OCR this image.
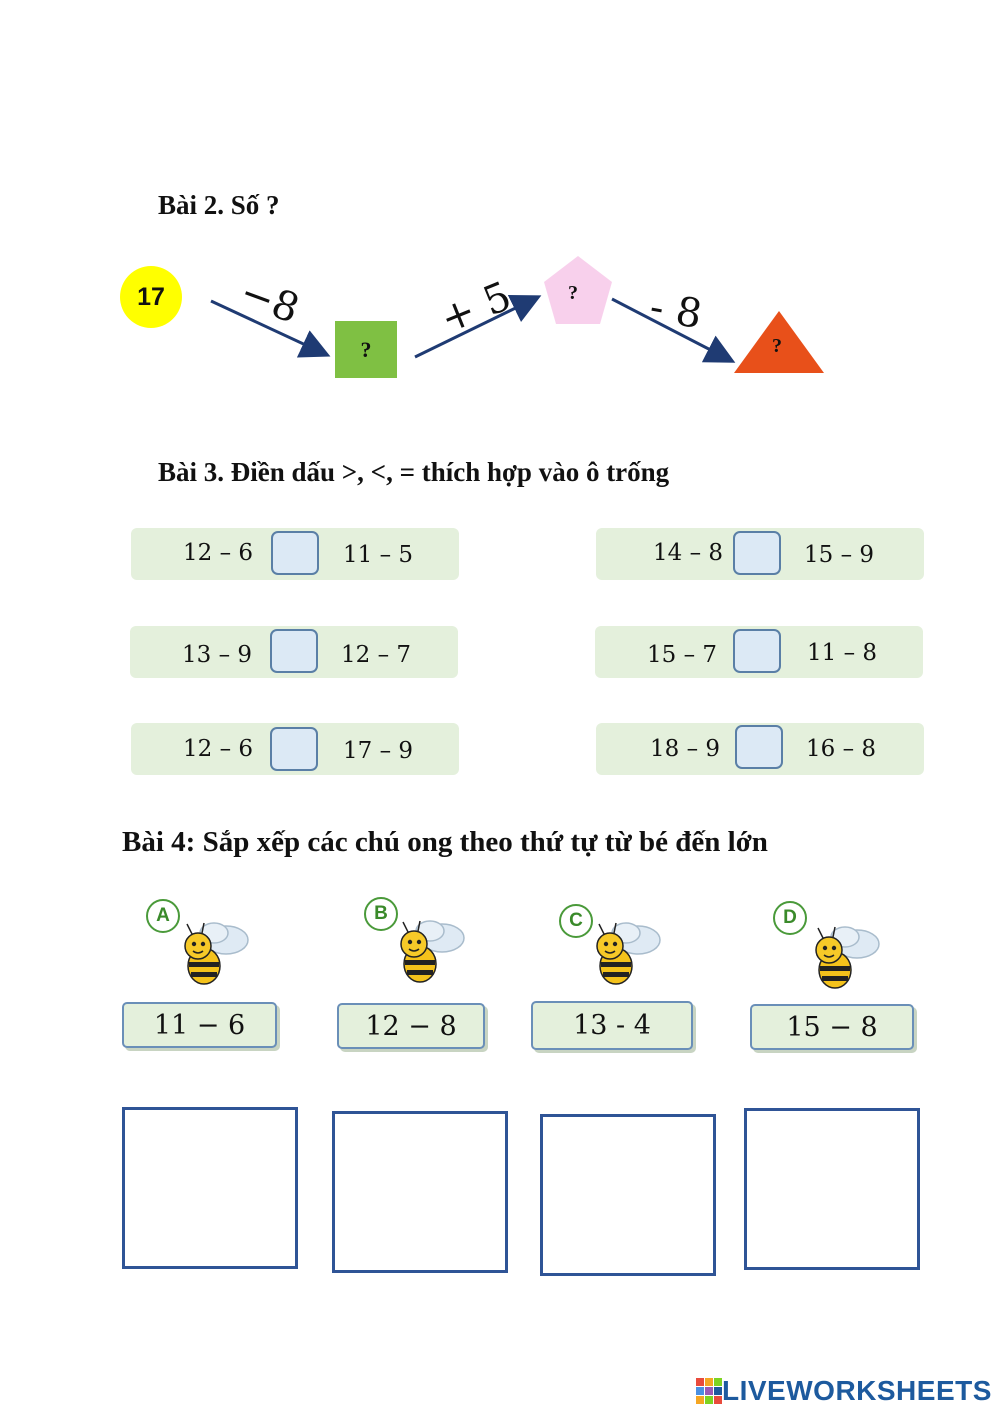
Bài 2. Số ?
17
?
?
?
−8	+ 5	- 8
Bài 3. Điền dấu >, <, = thích hợp vào ô trống
12 – 6	11 – 5	14 – 8	15 – 9
13 – 9	12 – 7	15 – 7	11 – 8
12 – 6	17 – 9	18 – 9	16 – 8
Bài 4: Sắp xếp các chú ong theo thứ tự từ bé đến lớn
A
11 − 6
B
12 − 8
C
13 - 4
D
15 − 8
LIVEWORKSHEETS
